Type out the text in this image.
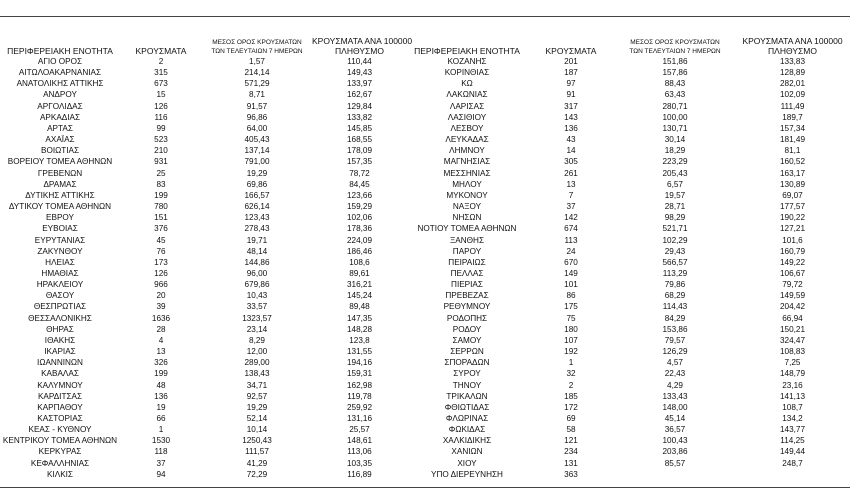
ΠΕΡΙΦΕΡΕΙΑΚΗ ΕΝΟΤΗΤΑ	ΚΡΟΥΣΜΑΤΑ	ΜΕΣΟΣ ΟΡΟΣ ΚΡΟΥΣΜΑΤΩΝ
ΤΩΝ ΤΕΛΕΥΤΑΙΩΝ 7 ΗΜΕΡΩΝ	ΚΡΟΥΣΜΑΤΑ ΑΝΑ 100000
ΠΛΗΘΥΣΜΟ	ΠΕΡΙΦΕΡΕΙΑΚΗ ΕΝΟΤΗΤΑ	ΚΡΟΥΣΜΑΤΑ	ΜΕΣΟΣ ΟΡΟΣ ΚΡΟΥΣΜΑΤΩΝ
ΤΩΝ ΤΕΛΕΥΤΑΙΩΝ 7 ΗΜΕΡΩΝ	ΚΡΟΥΣΜΑΤΑ ΑΝΑ 100000
ΠΛΗΘΥΣΜΟ
ΑΓΙΟ ΟΡΟΣ	2	1,57	110,44	ΚΟΖΑΝΗΣ	201	151,86	133,83
ΑΙΤΩΛΟΑΚΑΡΝΑΝΙΑΣ	315	214,14	149,43	ΚΟΡΙΝΘΙΑΣ	187	157,86	128,89
ΑΝΑΤΟΛΙΚΗΣ ΑΤΤΙΚΗΣ	673	571,29	133,97	ΚΩ	97	88,43	282,01
ΑΝΔΡΟΥ	15	8,71	162,67	ΛΑΚΩΝΙΑΣ	91	63,43	102,09
ΑΡΓΟΛΙΔΑΣ	126	91,57	129,84	ΛΑΡΙΣΑΣ	317	280,71	111,49
ΑΡΚΑΔΙΑΣ	116	96,86	133,82	ΛΑΣΙΘΙΟΥ	143	100,00	189,7
ΑΡΤΑΣ	99	64,00	145,85	ΛΕΣΒΟΥ	136	130,71	157,34
ΑΧΑΪΑΣ	523	405,43	168,55	ΛΕΥΚΑΔΑΣ	43	30,14	181,49
ΒΟΙΩΤΙΑΣ	210	137,14	178,09	ΛΗΜΝΟΥ	14	18,29	81,1
ΒΟΡΕΙΟΥ ΤΟΜΕΑ ΑΘΗΝΩΝ	931	791,00	157,35	ΜΑΓΝΗΣΙΑΣ	305	223,29	160,52
ΓΡΕΒΕΝΩΝ	25	19,29	78,72	ΜΕΣΣΗΝΙΑΣ	261	205,43	163,17
ΔΡΑΜΑΣ	83	69,86	84,45	ΜΗΛΟΥ	13	6,57	130,89
ΔΥΤΙΚΗΣ ΑΤΤΙΚΗΣ	199	166,57	123,66	ΜΥΚΟΝΟΥ	7	19,57	69,07
ΔΥΤΙΚΟΥ ΤΟΜΕΑ ΑΘΗΝΩΝ	780	626,14	159,29	ΝΑΞΟΥ	37	28,71	177,57
ΕΒΡΟΥ	151	123,43	102,06	ΝΗΣΩΝ	142	98,29	190,22
ΕΥΒΟΙΑΣ	376	278,43	178,36	ΝΟΤΙΟΥ ΤΟΜΕΑ ΑΘΗΝΩΝ	674	521,71	127,21
ΕΥΡΥΤΑΝΙΑΣ	45	19,71	224,09	ΞΑΝΘΗΣ	113	102,29	101,6
ΖΑΚΥΝΘΟΥ	76	48,14	186,46	ΠΑΡΟΥ	24	29,43	160,79
ΗΛΕΙΑΣ	173	144,86	108,6	ΠΕΙΡΑΙΩΣ	670	566,57	149,22
ΗΜΑΘΙΑΣ	126	96,00	89,61	ΠΕΛΛΑΣ	149	113,29	106,67
ΗΡΑΚΛΕΙΟΥ	966	679,86	316,21	ΠΙΕΡΙΑΣ	101	79,86	79,72
ΘΑΣΟΥ	20	10,43	145,24	ΠΡΕΒΕΖΑΣ	86	68,29	149,59
ΘΕΣΠΡΩΤΙΑΣ	39	33,57	89,48	ΡΕΘΥΜΝΟΥ	175	114,43	204,42
ΘΕΣΣΑΛΟΝΙΚΗΣ	1636	1323,57	147,35	ΡΟΔΟΠΗΣ	75	84,29	66,94
ΘΗΡΑΣ	28	23,14	148,28	ΡΟΔΟΥ	180	153,86	150,21
ΙΘΑΚΗΣ	4	8,29	123,8	ΣΑΜΟΥ	107	79,57	324,47
ΙΚΑΡΙΑΣ	13	12,00	131,55	ΣΕΡΡΩΝ	192	126,29	108,83
ΙΩΑΝΝΙΝΩΝ	326	289,00	194,16	ΣΠΟΡΑΔΩΝ	1	4,57	7,25
ΚΑΒΑΛΑΣ	199	138,43	159,31	ΣΥΡΟΥ	32	22,43	148,79
ΚΑΛΥΜΝΟΥ	48	34,71	162,98	ΤΗΝΟΥ	2	4,29	23,16
ΚΑΡΔΙΤΣΑΣ	136	92,57	119,78	ΤΡΙΚΑΛΩΝ	185	133,43	141,13
ΚΑΡΠΑΘΟΥ	19	19,29	259,92	ΦΘΙΩΤΙΔΑΣ	172	148,00	108,7
ΚΑΣΤΟΡΙΑΣ	66	52,14	131,16	ΦΛΩΡΙΝΑΣ	69	45,14	134,2
ΚΕΑΣ - ΚΥΘΝΟΥ	1	10,14	25,57	ΦΩΚΙΔΑΣ	58	36,57	143,77
ΚΕΝΤΡΙΚΟΥ ΤΟΜΕΑ ΑΘΗΝΩΝ	1530	1250,43	148,61	ΧΑΛΚΙΔΙΚΗΣ	121	100,43	114,25
ΚΕΡΚΥΡΑΣ	118	111,57	113,06	ΧΑΝΙΩΝ	234	203,86	149,44
ΚΕΦΑΛΛΗΝΙΑΣ	37	41,29	103,35	ΧΙΟΥ	131	85,57	248,7
ΚΙΛΚΙΣ	94	72,29	116,89	ΥΠΟ ΔΙΕΡΕΥΝΗΣΗ	363		
